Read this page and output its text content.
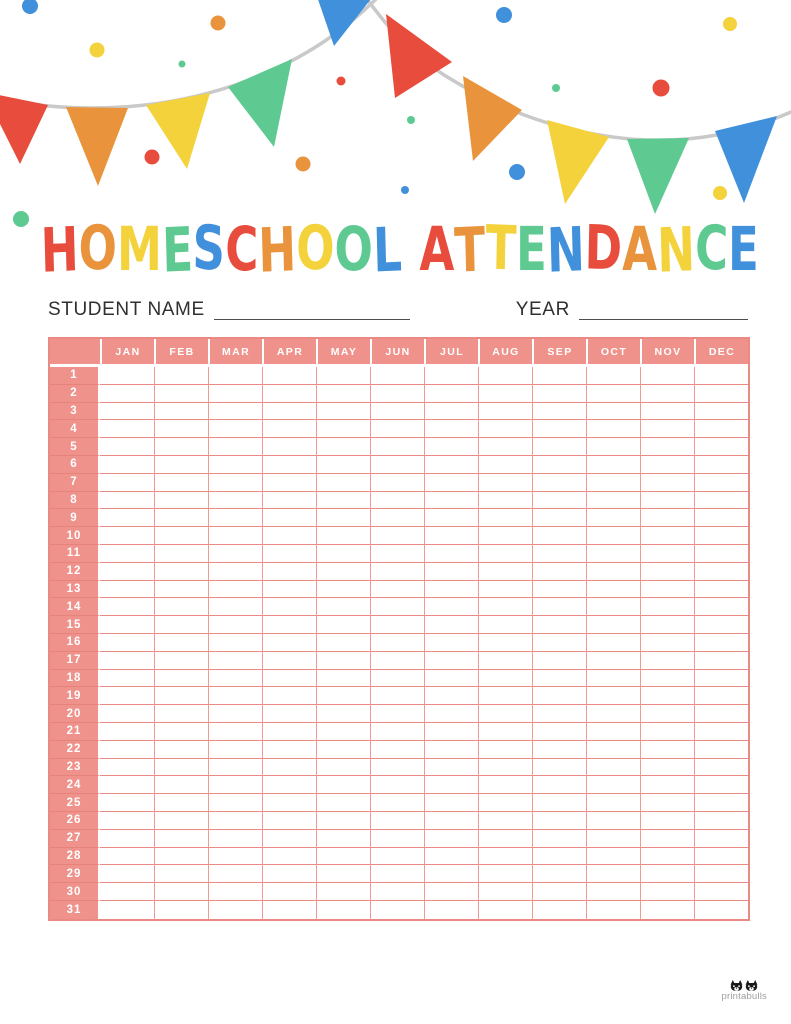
HOMESCHOOL ATTENDANCE
STUDENT NAME	YEAR
	JAN	FEB	MAR	APR	MAY	JUN	JUL	AUG	SEP	OCT	NOV	DEC
1												
2												
3												
4												
5												
6												
7												
8												
9												
10												
11												
12												
13												
14												
15												
16												
17												
18												
19												
20												
21												
22												
23												
24												
25												
26												
27												
28												
29												
30												
31												
printabulls
